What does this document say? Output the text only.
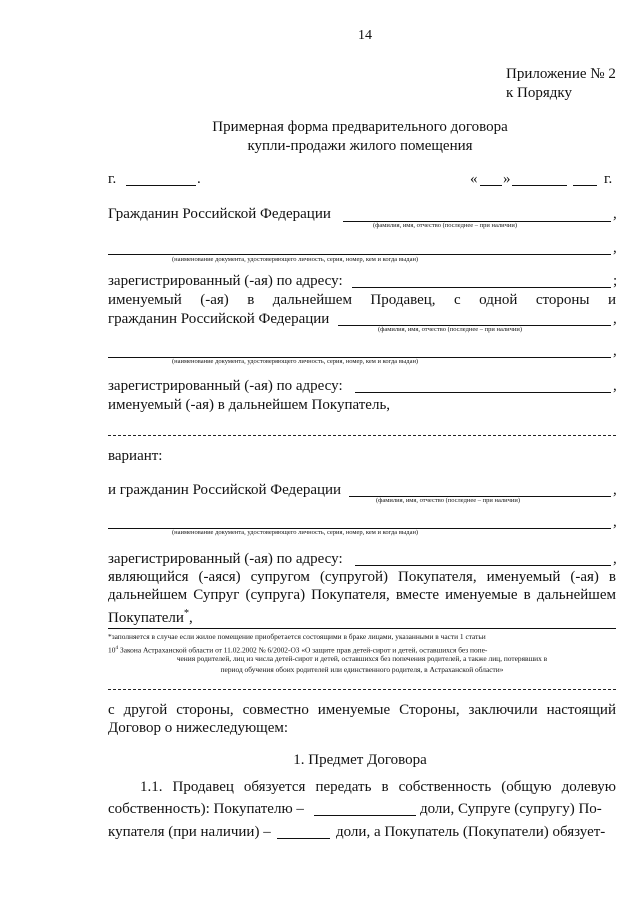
14
Приложение № 2
к Порядку
Примерная форма предварительного договора
купли-продажи жилого помещения
г.	.	« »	г.
Гражданин Российской Федерации	,
(фамилия, имя, отчество (последнее – при наличии)
,
(наименование документа, удостоверяющего личность, серия, номер, кем и когда выдан)
зарегистрированный (-ая) по адресу:	;
именуемый (-ая) в дальнейшем Продавец, с одной стороны и
гражданин Российской Федерации	,
(фамилия, имя, отчество (последнее – при наличии)
,
(наименование документа, удостоверяющего личность, серия, номер, кем и когда выдан)
зарегистрированный (-ая) по адресу:	,
именуемый (-ая) в дальнейшем Покупатель,
вариант:
и гражданин Российской Федерации	,
(фамилия, имя, отчество (последнее – при наличии)
,
(наименование документа, удостоверяющего личность, серия, номер, кем и когда выдан)
зарегистрированный (-ая) по адресу:	,
являющийся (-аяся) супругом (супругой) Покупателя, именуемый (-ая) в
дальнейшем Супруг (супруга) Покупателя, вместе именуемые в дальнейшем
Покупатели*,
*заполняется в случае если жилое помещение приобретается состоящими в браке лицами, указанными в части 1 статьи
$10^4$ Закона Астраханской области от 11.02.2002 № 6/2002-ОЗ «О защите прав детей-сирот и детей, оставшихся без попе-
чения родителей, лиц из числа детей-сирот и детей, оставшихся без попечения родителей, а также лиц, потерявших в
период обучения обоих родителей или единственного родителя, в Астраханской области»
с другой стороны, совместно именуемые Стороны, заключили настоящий
Договор о нижеследующем:
1. Предмет Договора
1.1. Продавец обязуется передать в собственность (общую долевую
собственность): Покупателю –	доли, Супруге (супругу) По-
купателя (при наличии) –	доли, а Покупатель (Покупатели) обязует-
